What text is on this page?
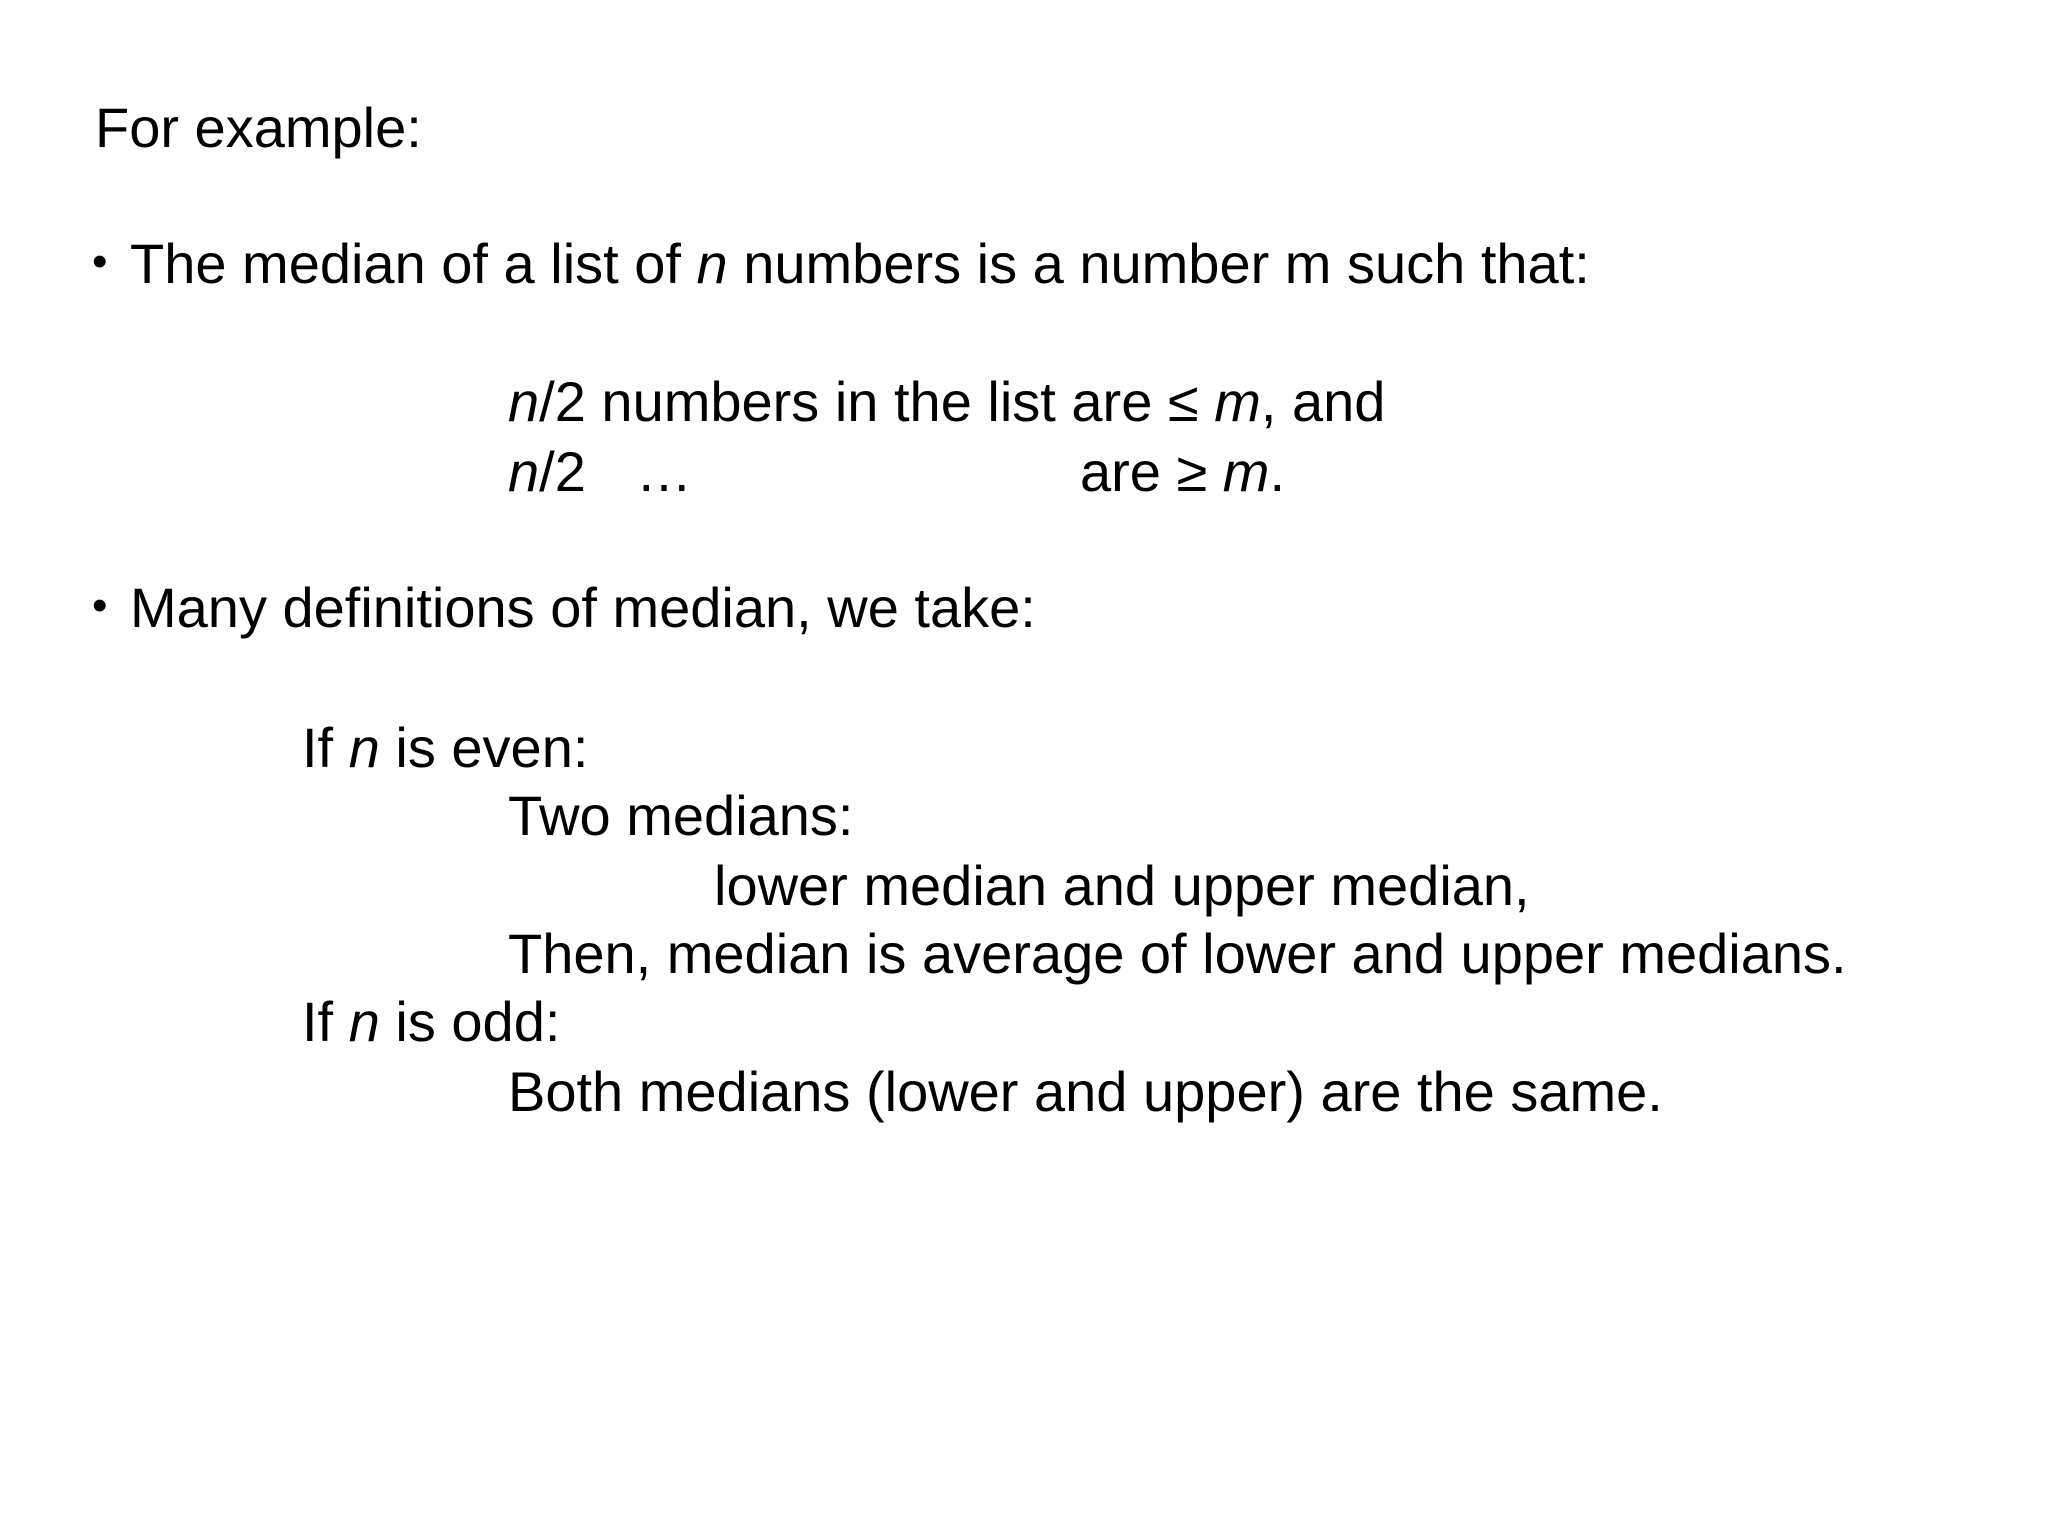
For example:

• The median of a list of n numbers is a number m such that:

n/2 numbers in the list are ≤ m, and

n/2 …	are ≥ m.

• Many definitions of median, we take:

If n is even:

Two medians:

lower median and upper median,

Then, median is average of lower and upper medians.

If n is odd:

Both medians (lower and upper) are the same.
